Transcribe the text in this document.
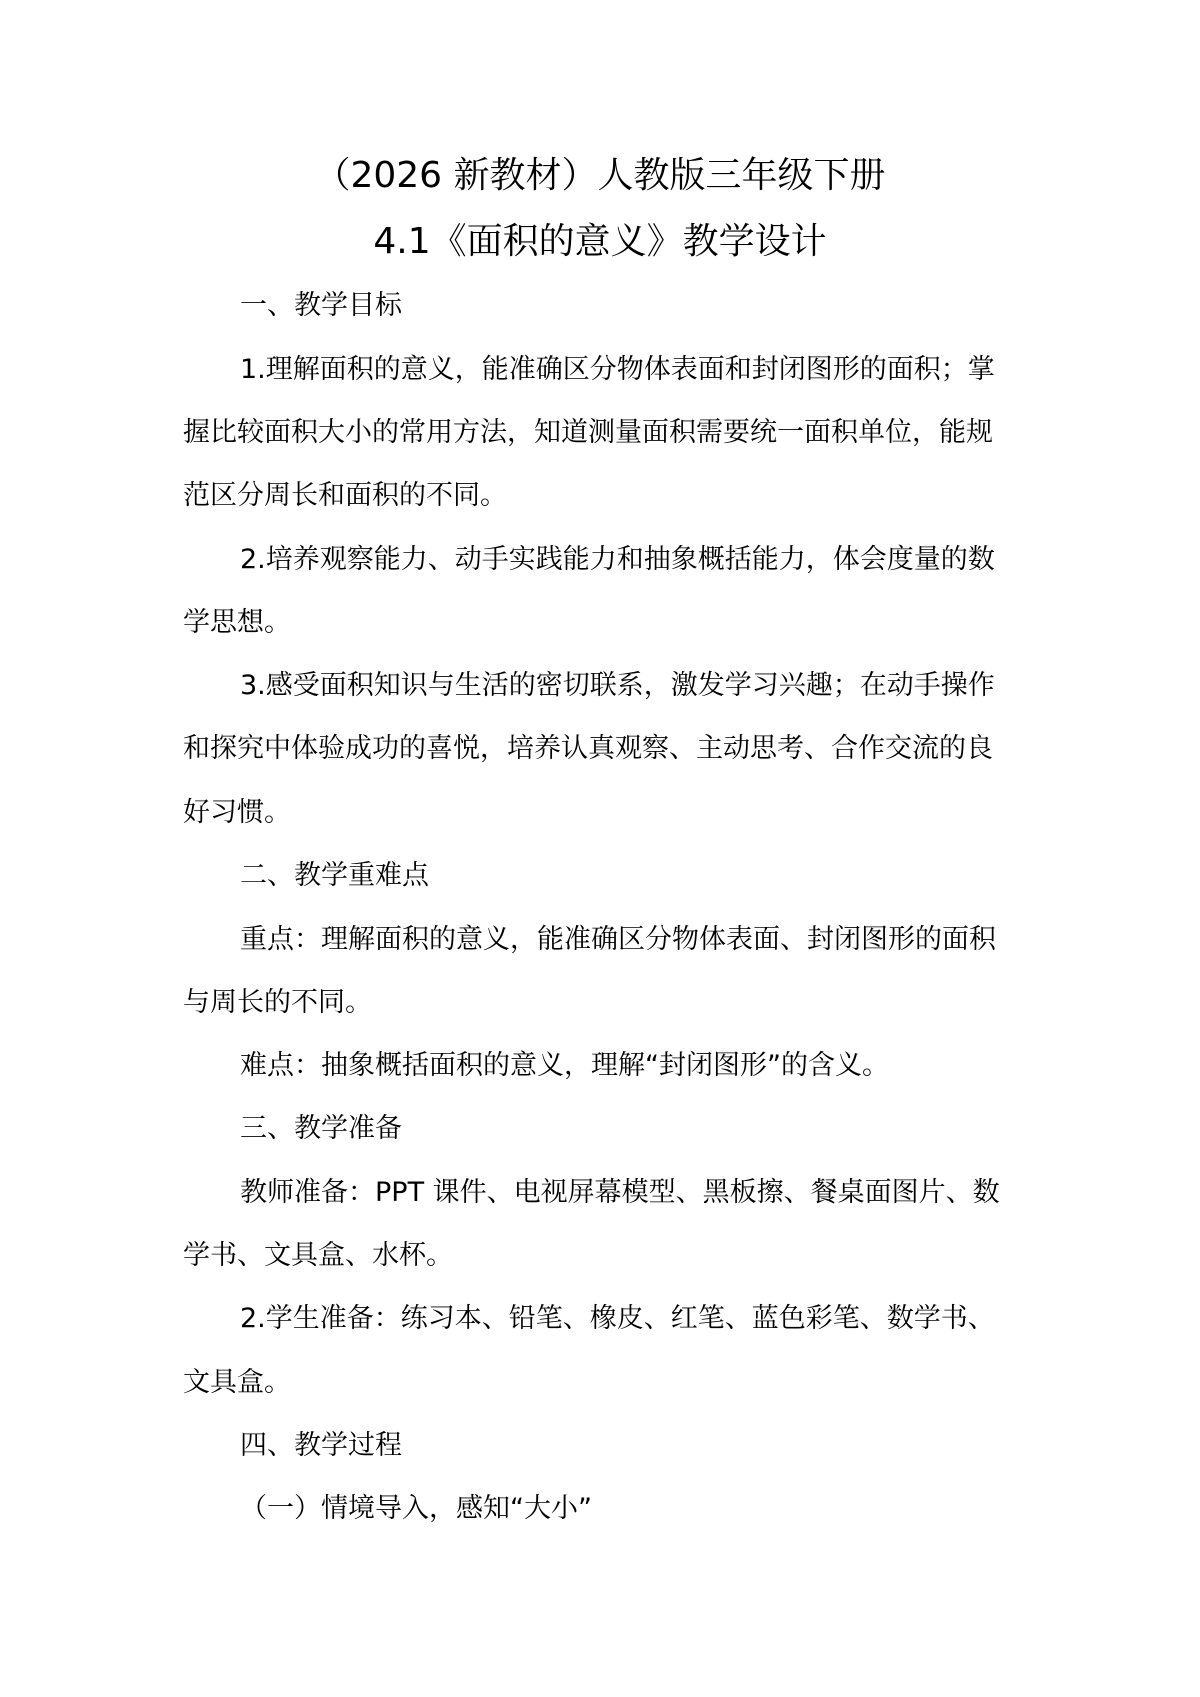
（2026 新教材）人教版三年级下册
4.1《面积的意义》教学设计
一、教学目标
1.理解面积的意义，能准确区分物体表面和封闭图形的面积；掌
握比较面积大小的常用方法，知道测量面积需要统一面积单位，能规
范区分周长和面积的不同。
2.培养观察能力、动手实践能力和抽象概括能力，体会度量的数
学思想。
3.感受面积知识与生活的密切联系，激发学习兴趣；在动手操作
和探究中体验成功的喜悦，培养认真观察、主动思考、合作交流的良
好习惯。
二、教学重难点
重点：理解面积的意义，能准确区分物体表面、封闭图形的面积
与周长的不同。
难点：抽象概括面积的意义，理解“封闭图形”的含义。
三、教学准备
教师准备：PPT 课件、电视屏幕模型、黑板擦、餐桌面图片、数
学书、文具盒、水杯。
2.学生准备：练习本、铅笔、橡皮、红笔、蓝色彩笔、数学书、
文具盒。
四、教学过程
（一）情境导入，感知“大小”
